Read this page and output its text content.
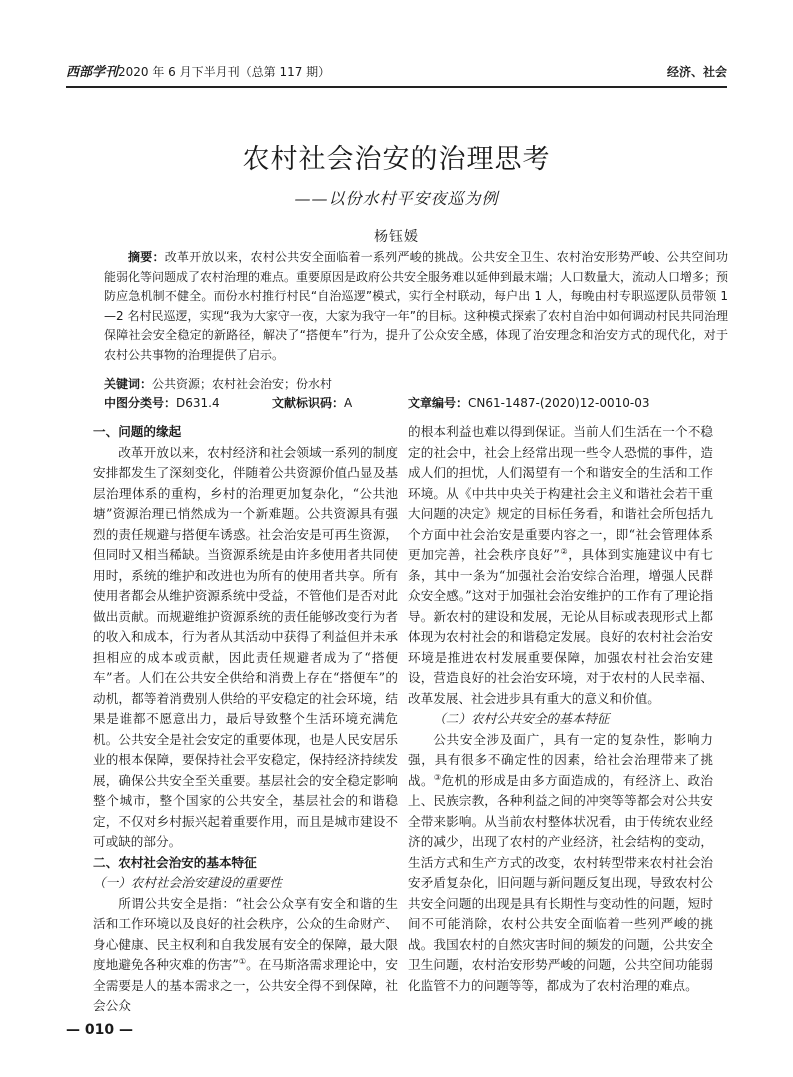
西部学刊2020 年 6 月下半月刊（总第 117 期）	经济、社会
农村社会治安的治理思考
——以份水村平安夜巡为例
杨钰媛
摘要：改革开放以来，农村公共安全面临着一系列严峻的挑战。公共安全卫生、农村治安形势严峻、公共空间功能弱化等问题成了农村治理的难点。重要原因是政府公共安全服务难以延伸到最末端；人口数量大，流动人口增多；预防应急机制不健全。而份水村推行村民“自治巡逻”模式，实行全村联动，每户出 1 人，每晚由村专职巡逻队员带领 1—2 名村民巡逻，实现“我为大家守一夜，大家为我守一年”的目标。这种模式探索了农村自治中如何调动村民共同治理保障社会安全稳定的新路径，解决了“搭便车”行为，提升了公众安全感，体现了治安理念和治安方式的现代化，对于农村公共事物的治理提供了启示。
关键词：公共资源；农村社会治安；份水村
中图分类号：D631.4	文献标识码：A	文章编号：CN61-1487-(2020)12-0010-03
一、问题的缘起

改革开放以来，农村经济和社会领域一系列的制度安排都发生了深刻变化，伴随着公共资源价值凸显及基层治理体系的重构，乡村的治理更加复杂化，“公共池塘”资源治理已悄然成为一个新难题。公共资源具有强烈的责任规避与搭便车诱惑。社会治安是可再生资源，但同时又相当稀缺。当资源系统是由许多使用者共同使用时，系统的维护和改进也为所有的使用者共享。所有使用者都会从维护资源系统中受益，不管他们是否对此做出贡献。而规避维护资源系统的责任能够改变行为者的收入和成本，行为者从其活动中获得了利益但并未承担相应的成本或贡献，因此责任规避者成为了“搭便车”者。人们在公共安全供给和消费上存在“搭便车”的动机，都等着消费别人供给的平安稳定的社会环境，结果是谁都不愿意出力，最后导致整个生活环境充满危机。公共安全是社会安定的重要体现，也是人民安居乐业的根本保障，要保持社会平安稳定，保持经济持续发展，确保公共安全至关重要。基层社会的安全稳定影响整个城市，整个国家的公共安全，基层社会的和谐稳定，不仅对乡村振兴起着重要作用，而且是城市建设不可或缺的部分。

二、农村社会治安的基本特征
（一）农村社会治安建设的重要性

所谓公共安全是指：“社会公众享有安全和谐的生活和工作环境以及良好的社会秩序，公众的生命财产、身心健康、民主权利和自我发展有安全的保障，最大限度地避免各种灾难的伤害”①。在马斯洛需求理论中，安全需要是人的基本需求之一，公共安全得不到保障，社会公众

的根本利益也难以得到保证。当前人们生活在一个不稳定的社会中，社会上经常出现一些令人恐慌的事件，造成人们的担忧，人们渴望有一个和谐安全的生活和工作环境。从《中共中央关于构建社会主义和谐社会若干重大问题的决定》规定的目标任务看，和谐社会所包括九个方面中社会治安是重要内容之一，即“社会管理体系更加完善，社会秩序良好”②，具体到实施建议中有七条，其中一条为“加强社会治安综合治理，增强人民群众安全感。”这对于加强社会治安维护的工作有了理论指导。新农村的建设和发展，无论从目标或表现形式上都体现为农村社会的和谐稳定发展。良好的农村社会治安环境是推进农村发展重要保障，加强农村社会治安建设，营造良好的社会治安环境，对于农村的人民幸福、改革发展、社会进步具有重大的意义和价值。

（二）农村公共安全的基本特征

公共安全涉及面广，具有一定的复杂性，影响力强，具有很多不确定性的因素，给社会治理带来了挑战。③危机的形成是由多方面造成的，有经济上、政治上、民族宗教，各种利益之间的冲突等等都会对公共安全带来影响。从当前农村整体状况看，由于传统农业经济的减少，出现了农村的产业经济，社会结构的变动，生活方式和生产方式的改变，农村转型带来农村社会治安矛盾复杂化，旧问题与新问题反复出现，导致农村公共安全问题的出现是具有长期性与变动性的问题，短时间不可能消除，农村公共安全面临着一些列严峻的挑战。我国农村的自然灾害时间的频发的问题，公共安全卫生问题，农村治安形势严峻的问题，公共空间功能弱化监管不力的问题等等，都成为了农村治理的难点。

— 010 —
